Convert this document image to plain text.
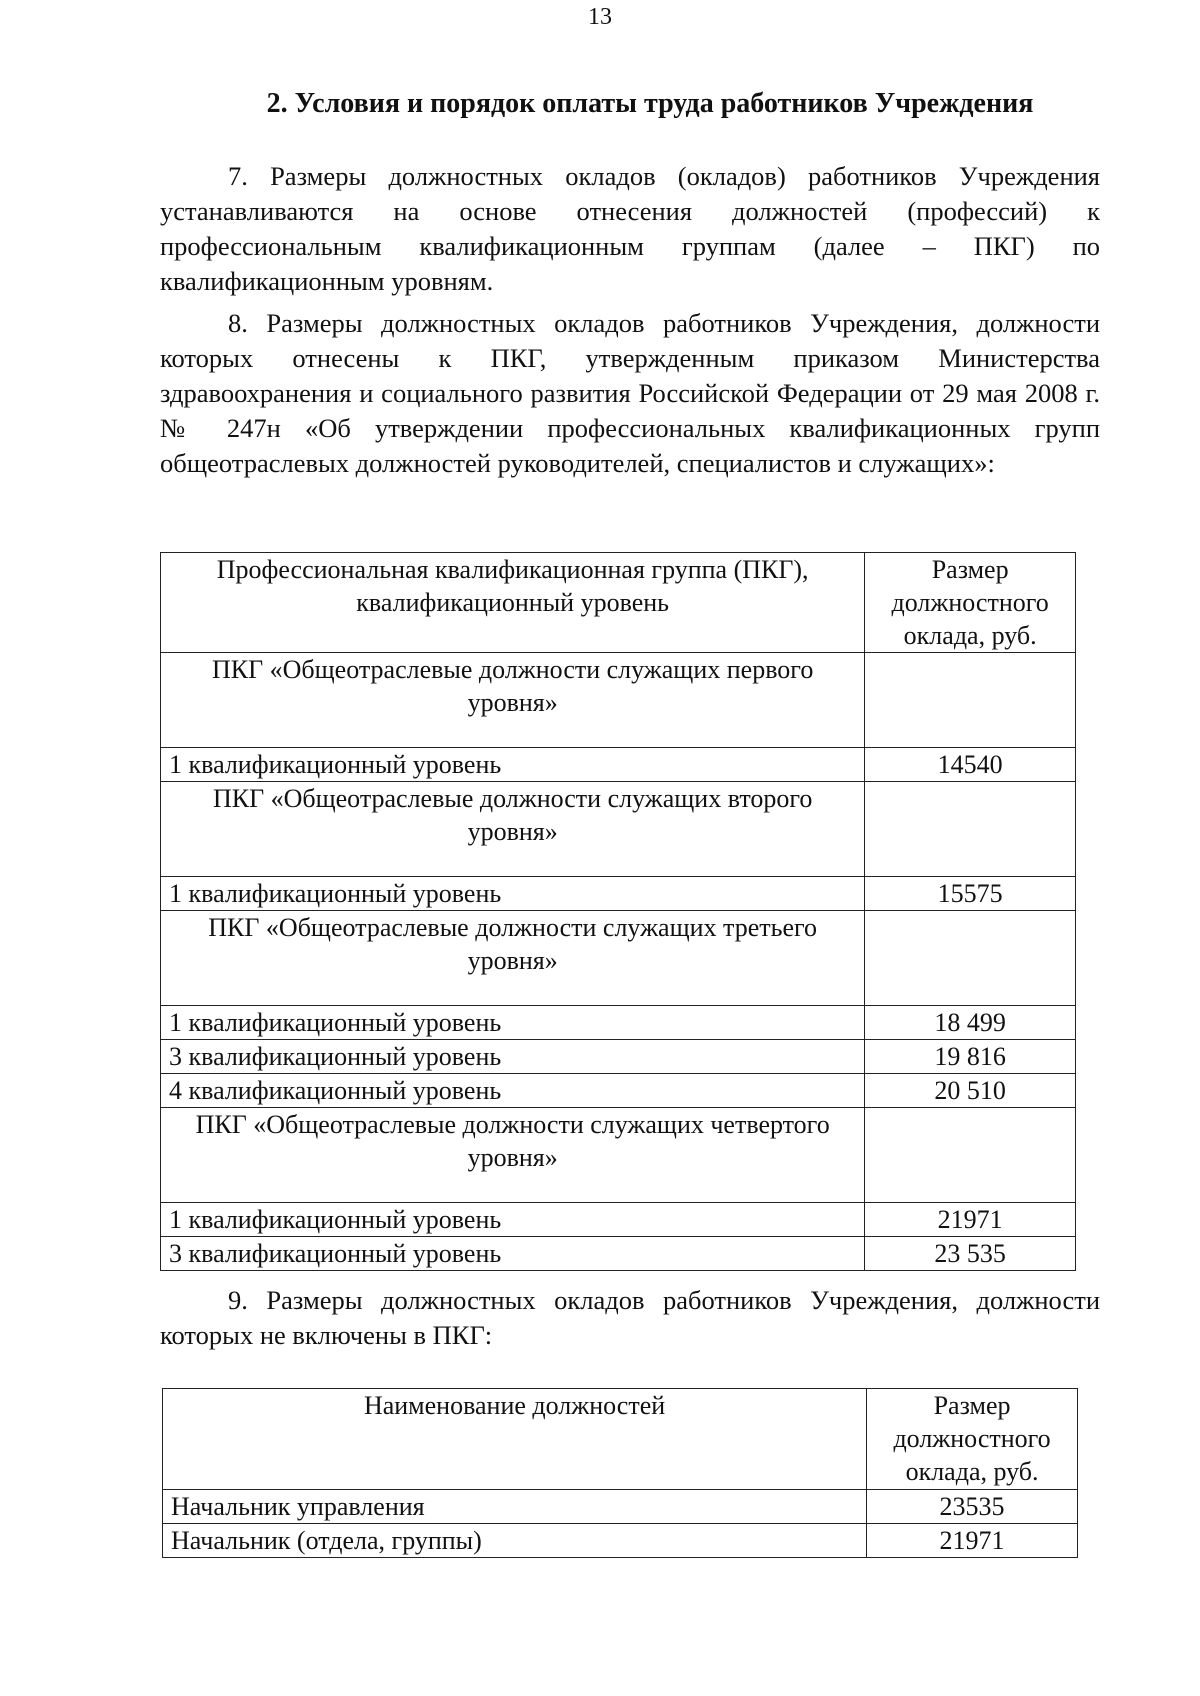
13
2. Условия и порядок оплаты труда работников Учреждения

7. Размеры должностных окладов (окладов) работников Учреждения устанавливаются на основе отнесения должностей (профессий) к профессиональным квалификационным группам (далее – ПКГ) по квалификационным уровням.

8. Размеры должностных окладов работников Учреждения, должности которых отнесены к ПКГ, утвержденным приказом Министерства здравоохранения и социального развития Российской Федерации от 29 мая 2008 г. № 247н «Об утверждении профессиональных квалификационных групп общеотраслевых должностей руководителей, специалистов и служащих»:

Профессиональная квалификационная группа (ПКГ), квалификационный уровень	Размер должностного оклада, руб.
ПКГ «Общеотраслевые должности служащих первого уровня»	
1 квалификационный уровень	14540
ПКГ «Общеотраслевые должности служащих второго уровня»	
1 квалификационный уровень	15575
ПКГ «Общеотраслевые должности служащих третьего уровня»	
1 квалификационный уровень	18 499
3 квалификационный уровень	19 816
4 квалификационный уровень	20 510
ПКГ «Общеотраслевые должности служащих четвертого уровня»	
1 квалификационный уровень	21971
3 квалификационный уровень	23 535

9. Размеры должностных окладов работников Учреждения, должности которых не включены в ПКГ:

Наименование должностей	Размер должностного оклада, руб.
Начальник управления	23535
Начальник (отдела, группы)	21971
